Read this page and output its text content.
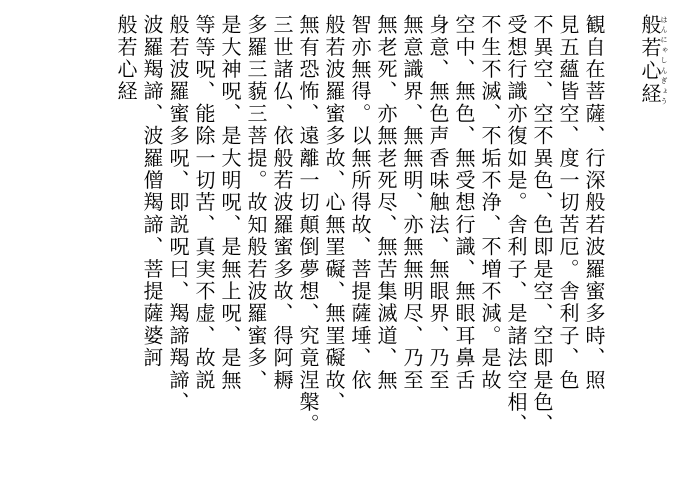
般若心経はんにゃしんぎょう
観自在菩薩、行深般若波羅蜜多時、照
見五蘊皆空、度一切苦厄。舎利子、色
不異空、空不異色、色即是空、空即是色、
受想行識亦復如是。舎利子、是諸法空相、
不生不滅、不垢不浄、不増不減。是故
空中、無色、無受想行識、無眼耳鼻舌
身意、無色声香味触法、無眼界、乃至
無意識界、無無明、亦無無明尽、乃至
無老死、亦無老死尽、無苦集滅道、無
智亦無得。以無所得故、菩提薩埵、依
般若波羅蜜多故、心無罣礙、無罣礙故、
無有恐怖、遠離一切顛倒夢想、究竟涅槃。
三世諸仏、依般若波羅蜜多故、得阿耨
多羅三藐三菩提。故知般若波羅蜜多、
是大神呪、是大明呪、是無上呪、是無
等等呪、能除一切苦、真実不虚、故説
般若波羅蜜多呪、即説呪曰、羯諦羯諦、
波羅羯諦、波羅僧羯諦、菩提薩婆訶
般若心経
